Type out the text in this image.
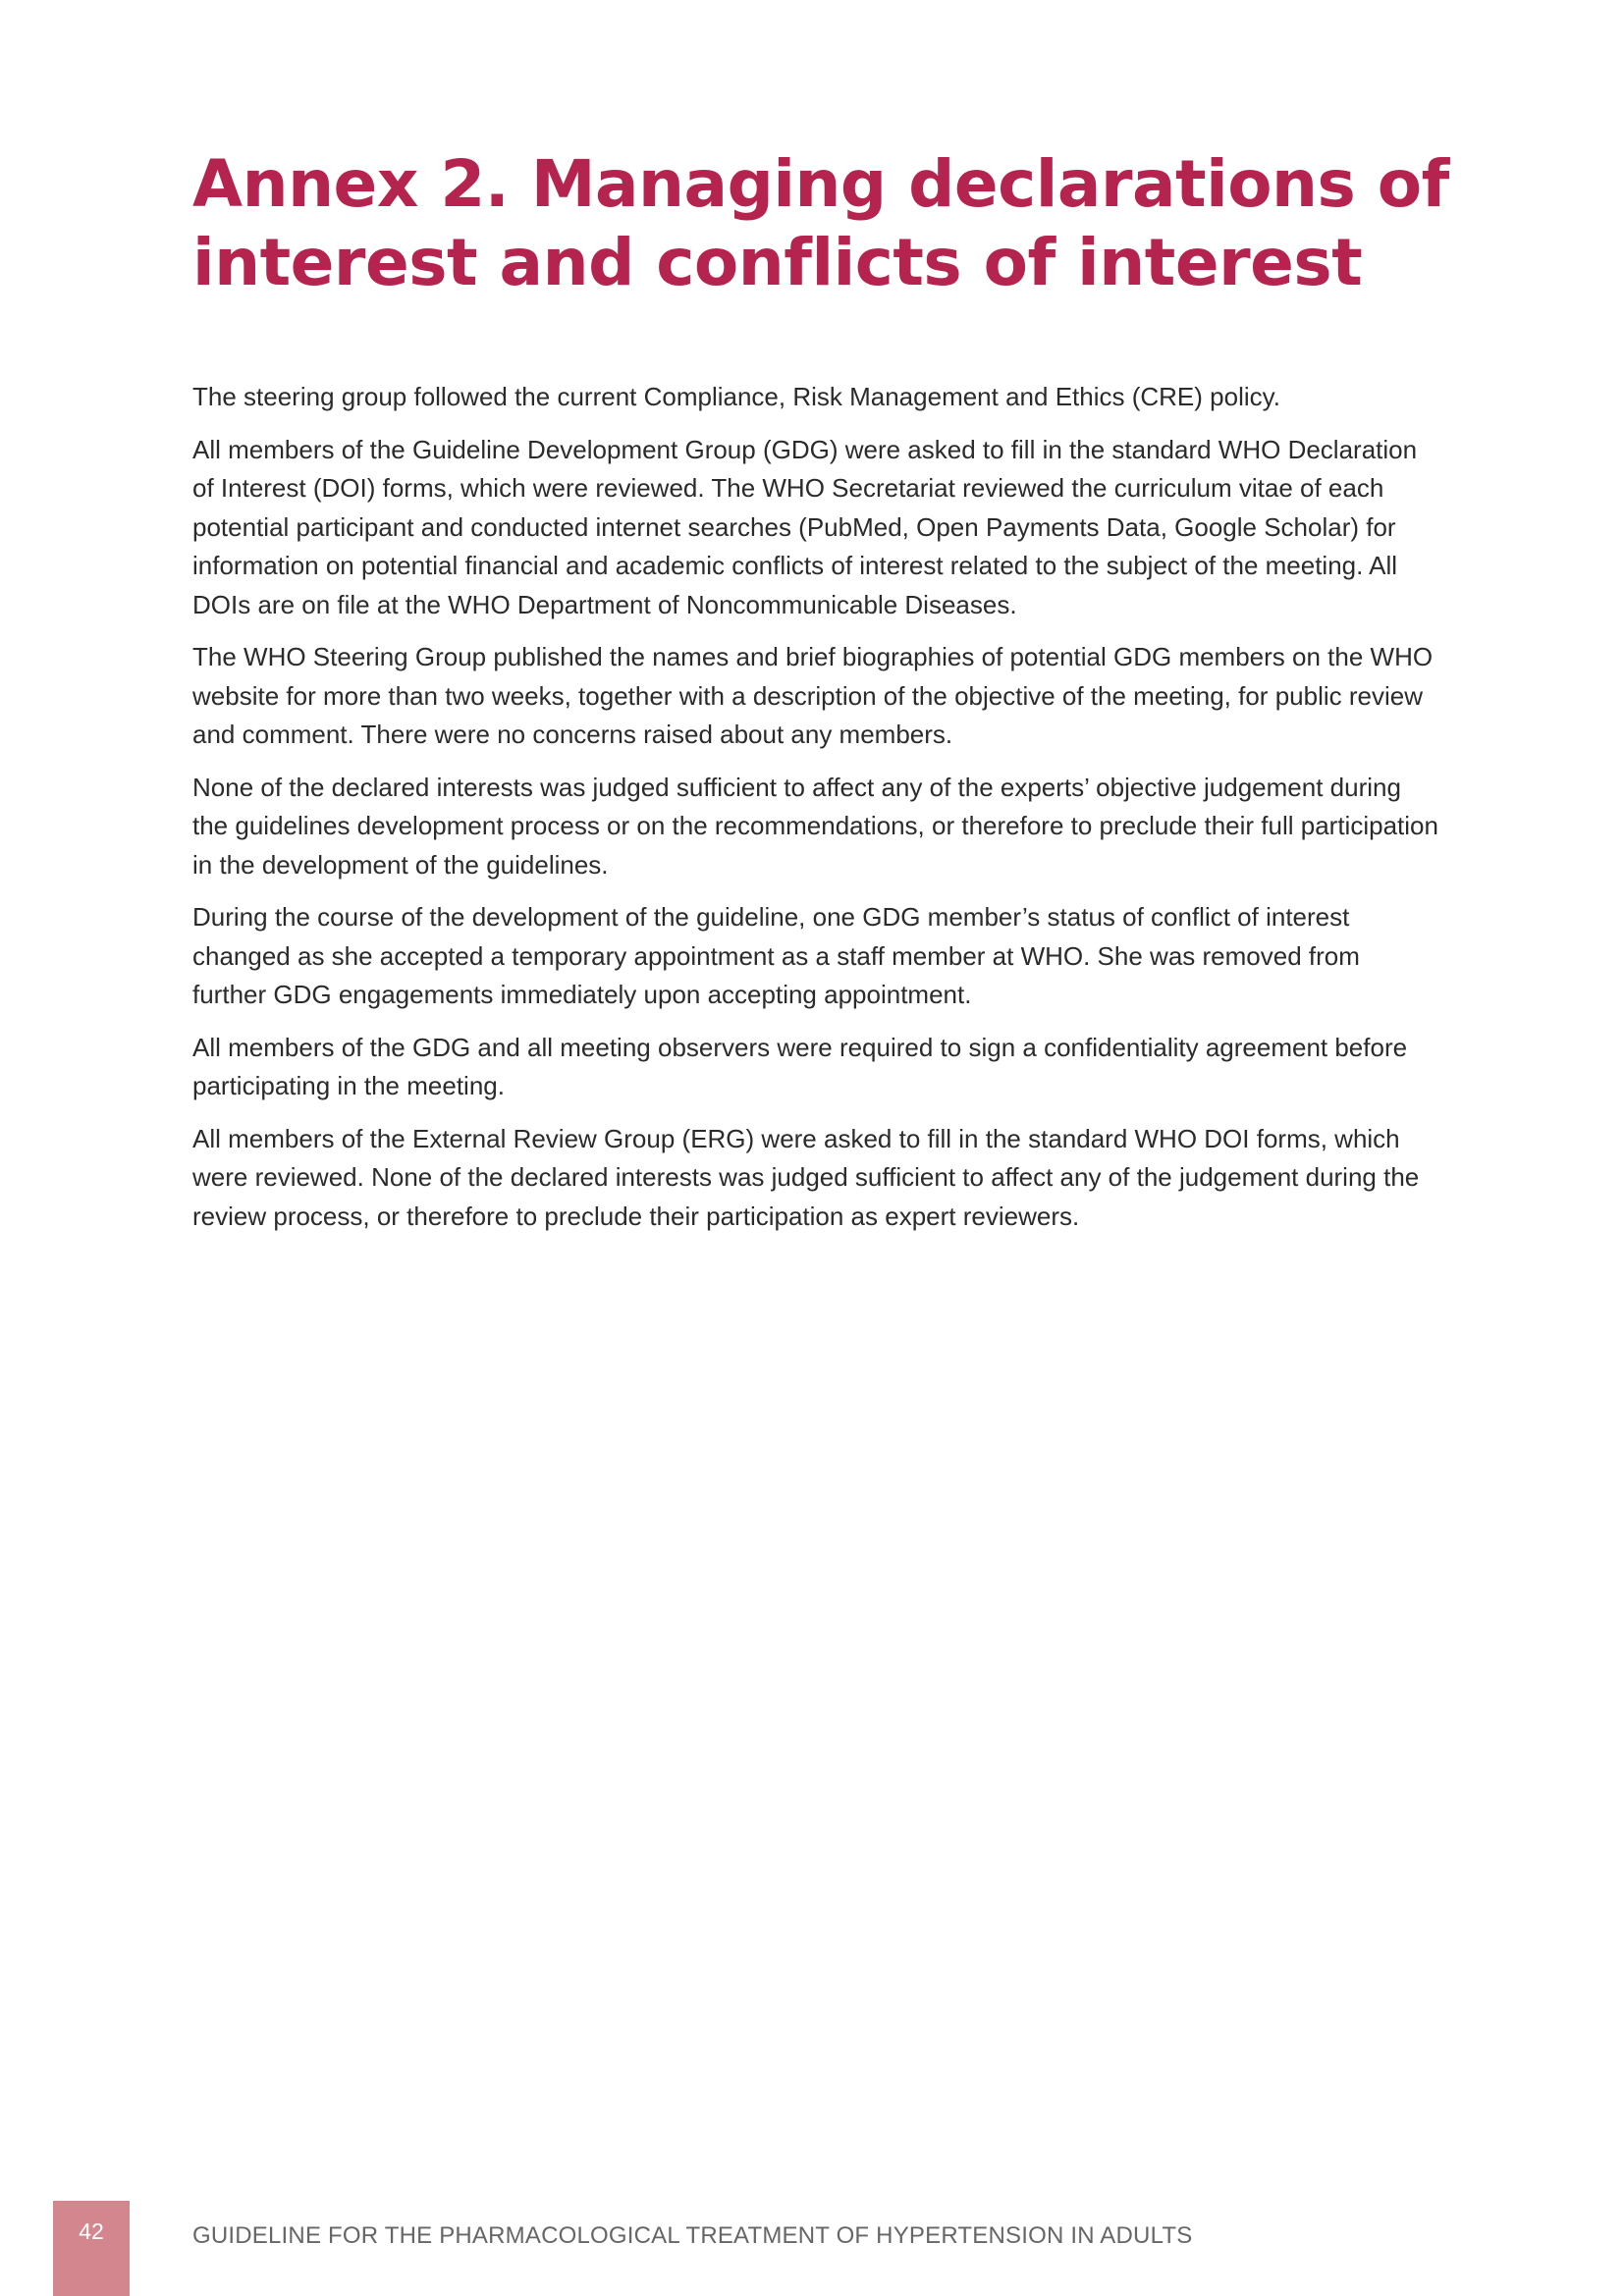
Annex 2. Managing declarations of interest and conflicts of interest

The steering group followed the current Compliance, Risk Management and Ethics (CRE) policy.

All members of the Guideline Development Group (GDG) were asked to fill in the standard WHO Declaration of Interest (DOI) forms, which were reviewed. The WHO Secretariat reviewed the curriculum vitae of each potential participant and conducted internet searches (PubMed, Open Payments Data, Google Scholar) for information on potential financial and academic conflicts of interest related to the subject of the meeting. All DOIs are on file at the WHO Department of Noncommunicable Diseases.

The WHO Steering Group published the names and brief biographies of potential GDG members on the WHO website for more than two weeks, together with a description of the objective of the meeting, for public review and comment. There were no concerns raised about any members.

None of the declared interests was judged sufficient to affect any of the experts’ objective judgement during the guidelines development process or on the recommendations, or therefore to preclude their full participation in the development of the guidelines.

During the course of the development of the guideline, one GDG member’s status of conflict of interest changed as she accepted a temporary appointment as a staff member at WHO. She was removed from further GDG engagements immediately upon accepting appointment.

All members of the GDG and all meeting observers were required to sign a confidentiality agreement before participating in the meeting.

All members of the External Review Group (ERG) were asked to fill in the standard WHO DOI forms, which were reviewed. None of the declared interests was judged sufficient to affect any of the judgement during the review process, or therefore to preclude their participation as expert reviewers.

42	GUIDELINE FOR THE PHARMACOLOGICAL TREATMENT OF HYPERTENSION IN ADULTS
